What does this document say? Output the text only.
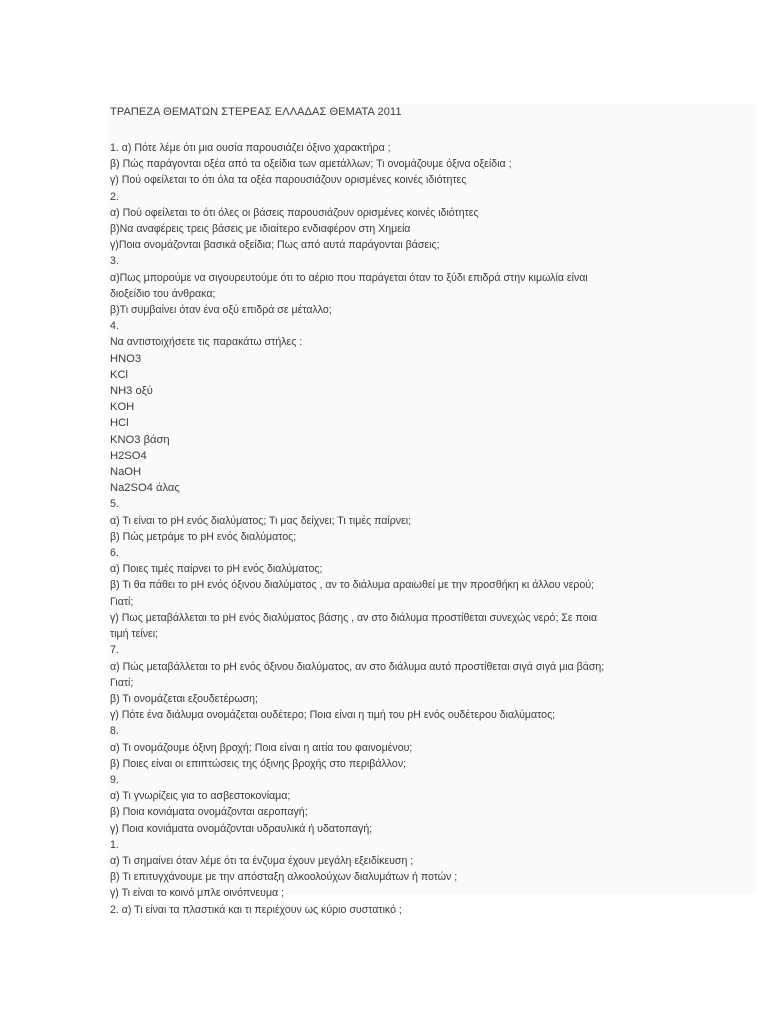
ΤΡΑΠΕΖΑ ΘΕΜΑΤΩΝ ΣΤΕΡΕΑΣ ΕΛΛΑΔΑΣ ΘΕΜΑΤΑ 2011
1. α) Πότε λέμε ότι μια ουσία παρουσιάζει όξινο χαρακτήρα ;
β) Πώς παράγονται οξέα από τα οξείδια των αμετάλλων; Τι ονομάζουμε όξινα οξείδια ;
γ) Πού οφείλεται το ότι όλα τα οξέα παρουσιάζουν ορισμένες κοινές ιδιότητες
2.
α) Πού οφείλεται το ότι όλες οι βάσεις παρουσιάζουν ορισμένες κοινές ιδιότητες
β)Να αναφέρεις τρεις βάσεις με ιδιαίτερο ενδιαφέρον στη Χημεία
γ)Ποια ονομάζονται βασικά οξείδια; Πως από αυτά παράγονται βάσεις;
3.
α)Πως μπορούμε να σιγουρευτούμε ότι το αέριο που παράγεται όταν το ξύδι επιδρά στην κιμωλία είναι
διοξείδιο του άνθρακα;
β)Τι συμβαίνει όταν ένα οξύ επιδρά σε μέταλλο;
4.
Να αντιστοιχήσετε τις παρακάτω στήλες :
HNO3
KCl
NH3 οξύ
KOH
HCl
KNO3 βάση
H2SO4
NaOH
Na2SO4 άλας
5.
α) Τι είναι το pH ενός διαλύματος; Τι μας δείχνει; Τι τιμές παίρνει;
β) Πώς μετράμε το pH ενός διαλύματος;
6.
α) Ποιες τιμές παίρνει το pH ενός διαλύματος;
β) Τι θα πάθει το pH ενός όξινου διαλύματος , αν το διάλυμα αραιωθεί με την προσθήκη κι άλλου νερού;
Γιατί;
γ) Πως μεταβάλλεται το pH ενός διαλύματος βάσης , αν στο διάλυμα προστίθεται συνεχώς νερό; Σε ποια
τιμή τείνει;
7.
α) Πώς μεταβάλλεται το pH ενός όξινου διαλύματος, αν στο διάλυμα αυτό προστίθεται σιγά σιγά μια βάση;
Γιατί;
β) Τι ονομάζεται εξουδετέρωση;
γ) Πότε ένα διάλυμα ονομάζεται ουδέτερο; Ποια είναι η τιμή του pH ενός ουδέτερου διαλύματος;
8.
α) Τι ονομάζουμε όξινη βροχή; Ποια είναι η αιτία του φαινομένου;
β) Ποιες είναι οι επιπτώσεις της όξινης βροχής στο περιβάλλον;
9.
α) Τι γνωρίζεις για το ασβεστοκονίαμα;
β) Ποια κονιάματα ονομάζονται αεροπαγή;
γ) Ποια κονιάματα ονομάζονται υδραυλικά ή υδατοπαγή;
1.
α) Τι σημαίνει όταν λέμε ότι τα ένζυμα έχουν μεγάλη εξειδίκευση ;
β) Τι επιτυγχάνουμε με την απόσταξη αλκοολούχων διαλυμάτων ή ποτών ;
γ) Τι είναι το κοινό μπλε οινόπνευμα ;
2. α) Τι είναι τα πλαστικά και τι περιέχουν ως κύριο συστατικό ;
